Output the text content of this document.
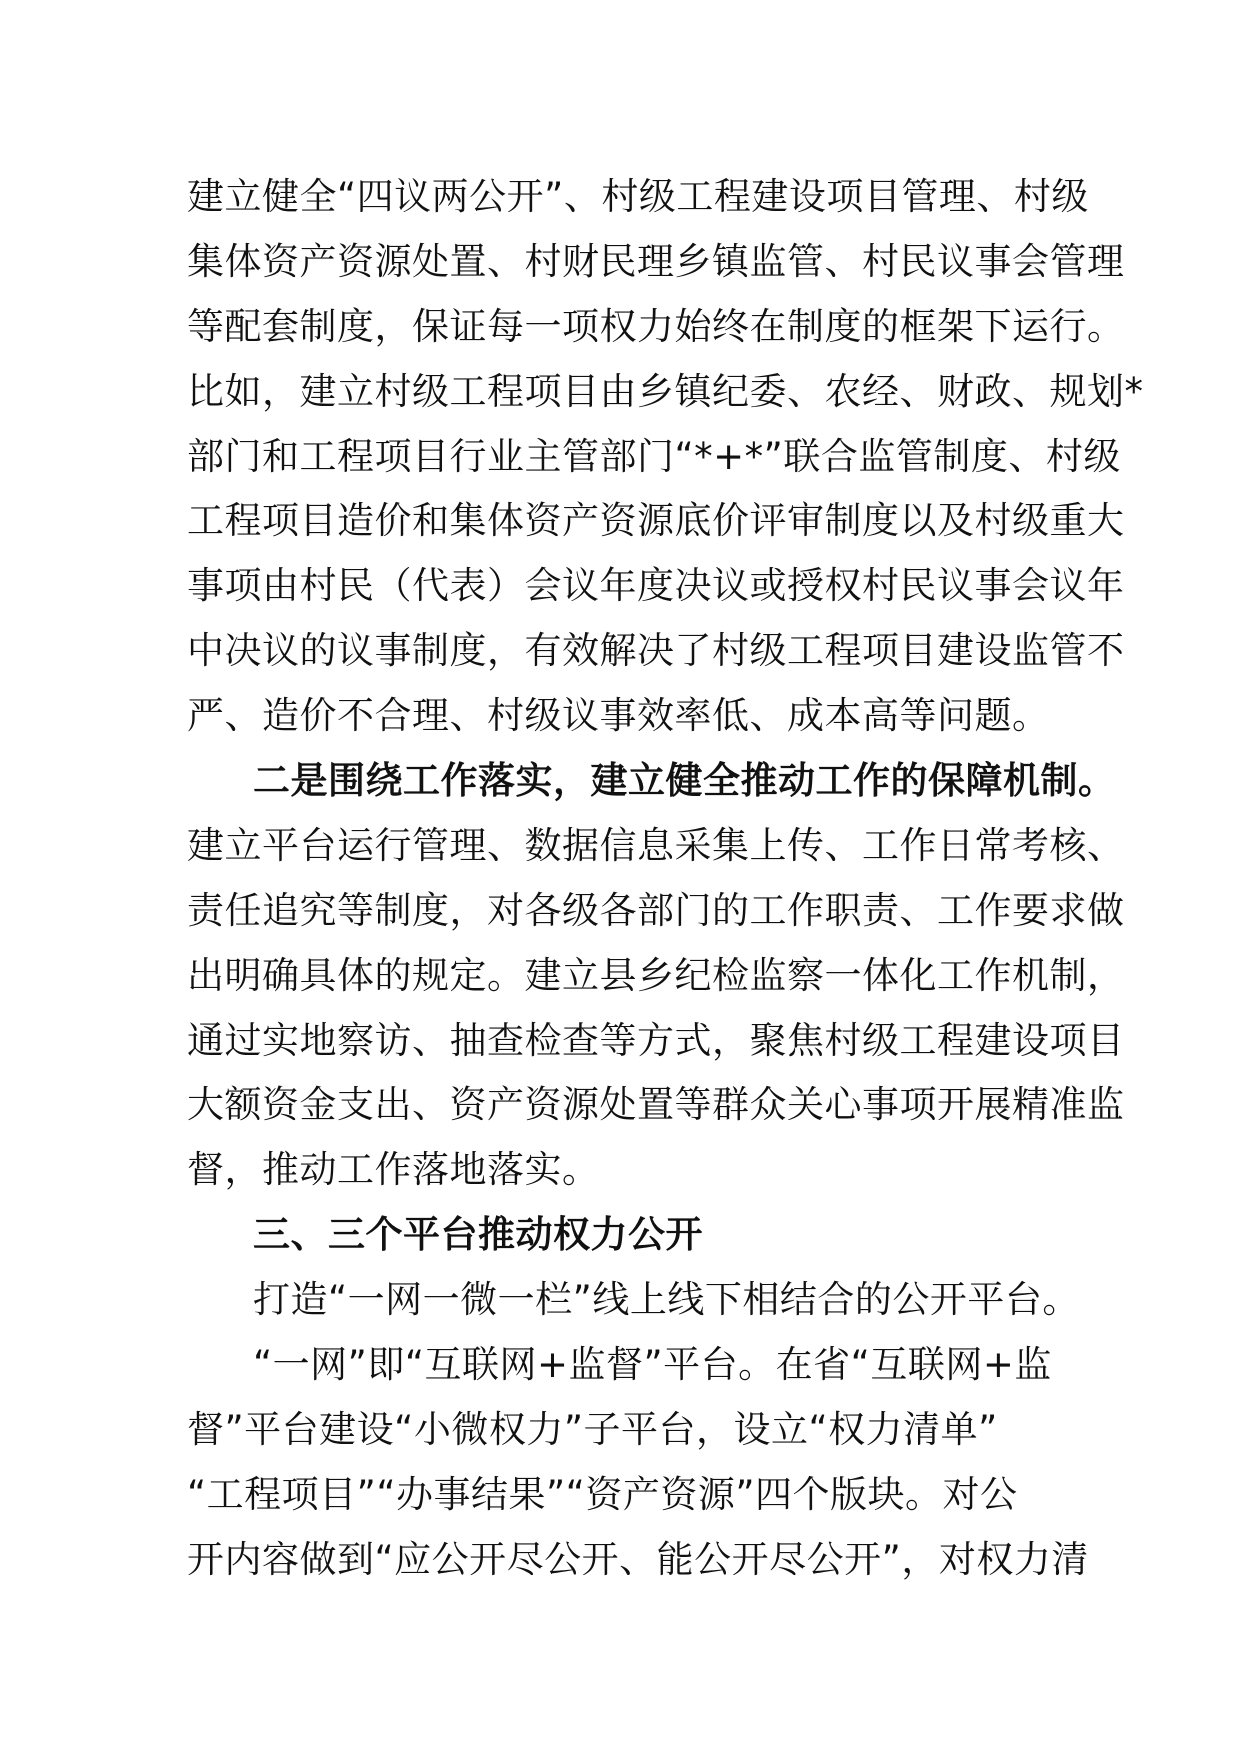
建立健全“四议两公开”、村级工程建设项目管理、村级
集体资产资源处置、村财民理乡镇监管、村民议事会管理
等配套制度，保证每一项权力始终在制度的框架下运行。
比如，建立村级工程项目由乡镇纪委、农经、财政、规划*
部门和工程项目行业主管部门“*+*”联合监管制度、村级
工程项目造价和集体资产资源底价评审制度以及村级重大
事项由村民（代表）会议年度决议或授权村民议事会议年
中决议的议事制度，有效解决了村级工程项目建设监管不
严、造价不合理、村级议事效率低、成本高等问题。
二是围绕工作落实，建立健全推动工作的保障机制。
建立平台运行管理、数据信息采集上传、工作日常考核、
责任追究等制度，对各级各部门的工作职责、工作要求做
出明确具体的规定。建立县乡纪检监察一体化工作机制，
通过实地察访、抽查检查等方式，聚焦村级工程建设项目
大额资金支出、资产资源处置等群众关心事项开展精准监
督，推动工作落地落实。
三、三个平台推动权力公开
打造“一网一微一栏”线上线下相结合的公开平台。
“一网”即“互联网+监督”平台。在省“互联网+监
督”平台建设“小微权力”子平台，设立“权力清单”
“工程项目”“办事结果”“资产资源”四个版块。对公
开内容做到“应公开尽公开、能公开尽公开”，对权力清
